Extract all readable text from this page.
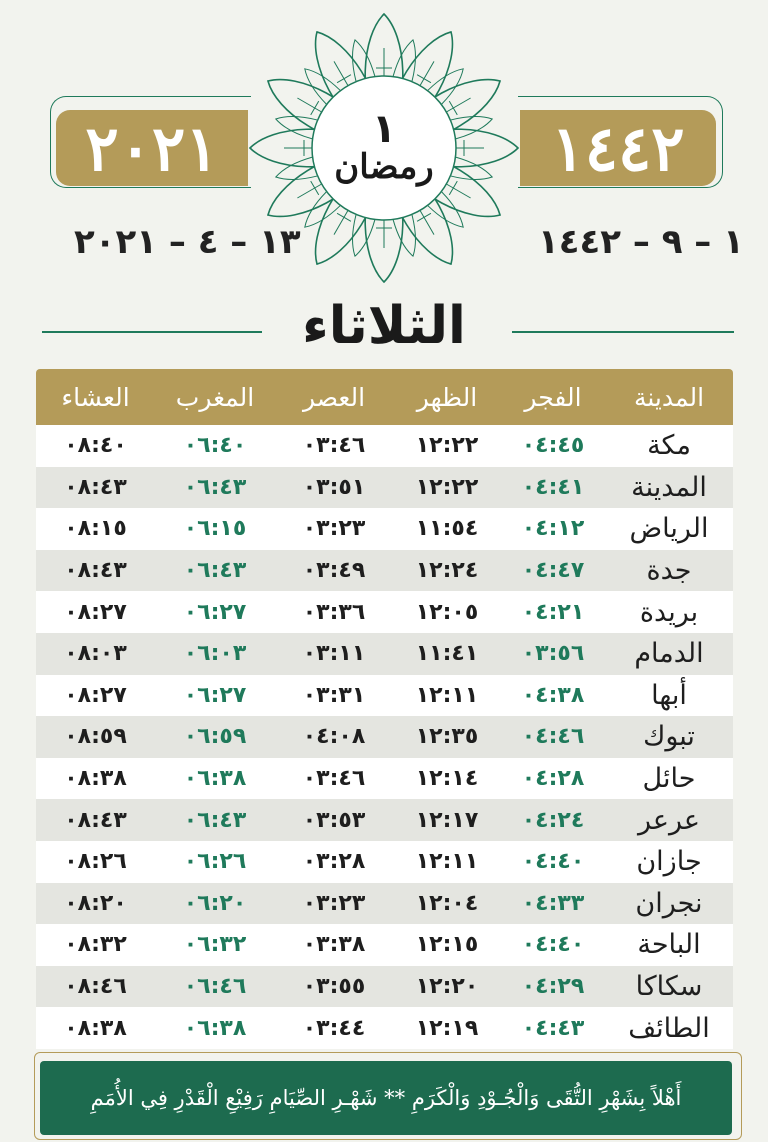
١
رمضان
٢٠٢١	١٤٤٢
١٣ – ٤ – ٢٠٢١	١ – ٩ – ١٤٤٢
الثلاثاء
المدينة
الفجر
الظهر
العصر
المغرب
العشاء
مكة
٠٤:٤٥
١٢:٢٢
٠٣:٤٦
٠٦:٤٠
٠٨:٤٠
المدينة
٠٤:٤١
١٢:٢٢
٠٣:٥١
٠٦:٤٣
٠٨:٤٣
الرياض
٠٤:١٢
١١:٥٤
٠٣:٢٣
٠٦:١٥
٠٨:١٥
جدة
٠٤:٤٧
١٢:٢٤
٠٣:٤٩
٠٦:٤٣
٠٨:٤٣
بريدة
٠٤:٢١
١٢:٠٥
٠٣:٣٦
٠٦:٢٧
٠٨:٢٧
الدمام
٠٣:٥٦
١١:٤١
٠٣:١١
٠٦:٠٣
٠٨:٠٣
أبها
٠٤:٣٨
١٢:١١
٠٣:٣١
٠٦:٢٧
٠٨:٢٧
تبوك
٠٤:٤٦
١٢:٣٥
٠٤:٠٨
٠٦:٥٩
٠٨:٥٩
حائل
٠٤:٢٨
١٢:١٤
٠٣:٤٦
٠٦:٣٨
٠٨:٣٨
عرعر
٠٤:٢٤
١٢:١٧
٠٣:٥٣
٠٦:٤٣
٠٨:٤٣
جازان
٠٤:٤٠
١٢:١١
٠٣:٢٨
٠٦:٢٦
٠٨:٢٦
نجران
٠٤:٣٣
١٢:٠٤
٠٣:٢٣
٠٦:٢٠
٠٨:٢٠
الباحة
٠٤:٤٠
١٢:١٥
٠٣:٣٨
٠٦:٣٢
٠٨:٣٢
سكاكا
٠٤:٢٩
١٢:٢٠
٠٣:٥٥
٠٦:٤٦
٠٨:٤٦
الطائف
٠٤:٤٣
١٢:١٩
٠٣:٤٤
٠٦:٣٨
٠٨:٣٨
أَهْلاً بِشَهْرِ التُّقَى وَالْجُـوْدِ وَالْكَرَمِ ** شَهْـرِ الصِّيَامِ رَفِيْعِ الْقَدْرِ فِي الأُمَمِ
